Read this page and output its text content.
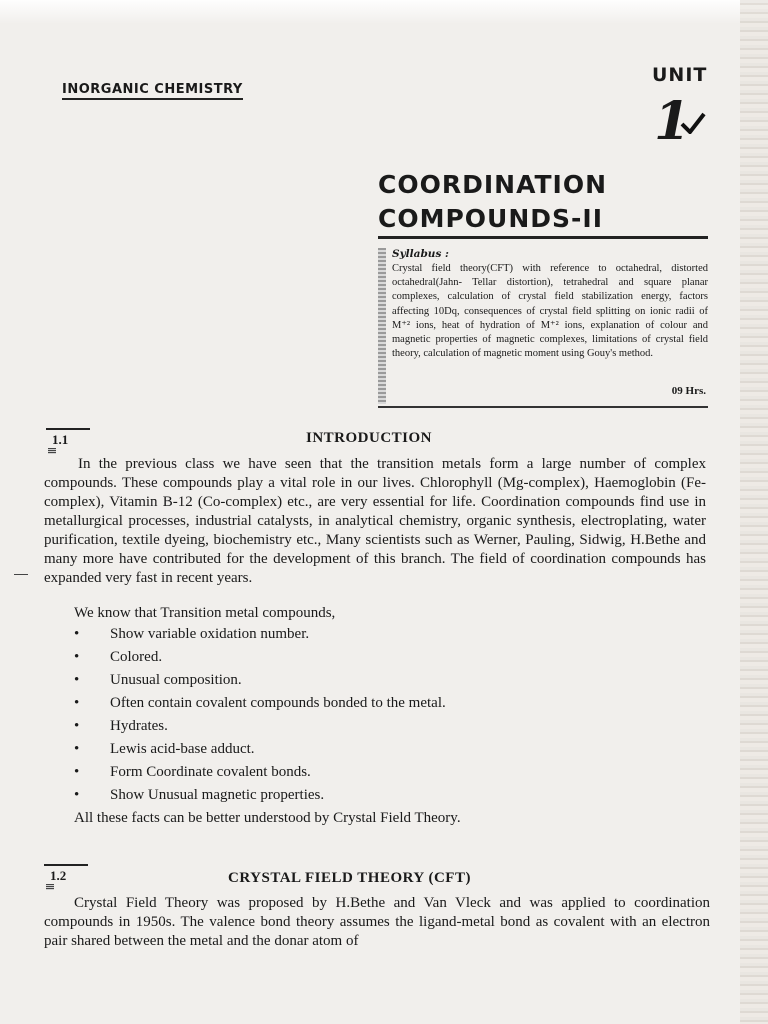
INORGANIC CHEMISTRY
UNIT
1
COORDINATION
COMPOUNDS-II
Syllabus :
Crystal field theory(CFT) with reference to octahedral, distorted octahedral(Jahn- Tellar distortion), tetrahedral and square planar complexes, calculation of crystal field stabilization energy, factors affecting 10Dq, consequences of crystal field splitting on ionic radii of M⁺² ions, heat of hydration of M⁺² ions, explanation of colour and magnetic properties of magnetic complexes, limitations of crystal field theory, calculation of magnetic moment using Gouy's method.
09 Hrs.
1.1	INTRODUCTION
In the previous class we have seen that the transition metals form a large number of complex compounds. These compounds play a vital role in our lives. Chlorophyll (Mg-complex), Haemoglobin (Fe-complex), Vitamin B-12 (Co-complex) etc., are very essential for life. Coordination compounds find use in metallurgical processes, industrial catalysts, in analytical chemistry, organic synthesis, electroplating, water purification, textile dyeing, biochemistry etc., Many scientists such as Werner, Pauling, Sidwig, H.Bethe and many more have contributed for the development of this branch. The field of coordination compounds has expanded very fast in recent years.
We know that Transition metal compounds,
• Show variable oxidation number.
• Colored.
• Unusual composition.
• Often contain covalent compounds bonded to the metal.
• Hydrates.
• Lewis acid-base adduct.
• Form Coordinate covalent bonds.
• Show Unusual magnetic properties.
All these facts can be better understood by Crystal Field Theory.
1.2	CRYSTAL FIELD THEORY (CFT)
Crystal Field Theory was proposed by H.Bethe and Van Vleck and was applied to coordination compounds in 1950s. The valence bond theory assumes the ligand-metal bond as covalent with an electron pair shared between the metal and the donar atom of
